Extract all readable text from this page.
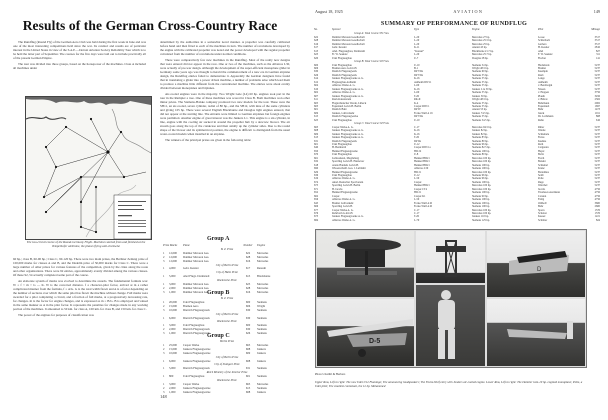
Results of the German Cross-Country Race

The Rundflug (Round Fly) of the German Aero Club was held during the first week in June and was one of the most interesting competitions held since the war. Its conduct and results are of particular interest in the United States in view of the S.A.E.—Detroit Aviation Society Reliability Tour which is to be held the latter part of September. The courses for the five days were laid out to include practically all of the present German Empire.

The tour was divided into three groups, based on the horsepower of the machines. Class A included all machines under

The two-circuit course of the Round-Germany Flight. Machines started from and finished at the Tempelhofer airdrome, the planes flying anti-clockwise

60 hp.; class B, 60-90 hp.; Class C, 90-120 hp. There were two main prizes, the Berliner Zeitung prize of 100,000 marks for classes A and B, and the Dudelin prize of 50,000 marks for Class C. There were a large number of other prizes for various features of the competition, given by the cities along the route and other organizations. There were 92 entries, approximately evenly divided among the various classes. Of these 92, 54 actually completed some part of the course.

An elaborate system of marks was evolved to determine the awards. The fundamental formula was: W = f × m × G — K. W is the corrected distance. f a character-pilot factor, arrived at in a rather complicated manner from the formula, f = A/G. G is the total width flown and A is a factor depending on the number of sections over which the same pilot has flown the machine without change. Full marks were awarded for a pilot completing a circuit, and a fraction of full marks, at a progressively decreasing rate, for changes. m is the factor for engine changes, and is expressed as m = B/G. B is employed and valued in the same manner as A in the pilot factor. K represents the penalties for changes made in any working portion of the machines. It amounted to 50 km. for class A, 100 km. for class B, and 150 km. for class C.

The power of the engines for purposes of classification was

determined by the authorities in a somewhat novel manner. A propeller was carefully calibrated before hand and then fitted to each of the machines in turn. The number of revolutions developed by the engine with the calibrated propeller was noted and the power developed with the regular propeller calculated from the number of revolutions under normal conditions.

There were comparatively few new machines in the Rundflug. Most of the really new designs that were entered did not appear in the race. One or two of the machines, such as the Albatros L30, were actually of pre-war design. Although the development of the super-efficient monoplane glider in Germany some years ago was thought to herald the commencement of a new era in German airplane design, the Rundflug entries failed to demonstrate it. Apparently the German designers have found that in translating a glider into a power driven machine, a number of problems arise which lead them to produce a machine little different from the conventional machine. The entries were about evenly divided between monoplanes and biplanes.

Air-cooled engines were in the majority. Two Wright Gale (L4) 60 hp. engines took part in the tour in the Rumpler a tree. One of these machines was scored in Class B. Both machines won other minor prizes. The Siemens-Halske company produced two new models for the tour. These were the SH11, an air-cooled, seven cylinder, radial of 80 hp., and the SH12, with nine of the same cylinders and giving 105 hp. There were several English Blackburne and Douglas light engines entered, that did not appear at the starting line. The entrants were limited to German airplanes but foreign engines were permitted. Another engine of great interest was the Junkers L1. This engine is a six-cylinder, in line, engine with the cooling air sucked in around the propeller hub by a airscrew blower. The air stream goes along the top of the crankcase and then axially up the cylinder sides. Due to the round shape of the blower and its symmetrical position, the engine is difficult to distinguish from the usual water-cooled models when installed in an airplane.

The winners of the principal prizes are given in the following table:

Group A
Prize Marks	Plane	Number	Engine
B. Z. Prize
1	12,000	Daimler Motoren Ges.	622	Mercedes
2	12,000	Daimler Motoren Ges.	628	Mercedes
3	12,000	Daimler Motoren Ges.	616	Mercedes
City of Berlin Prize
1	4,000	Gebr. Kessler	617	Renault
City of Halle Prize
1	5,000	Abel Flugz. Darmstadt	613	Blackburne
Rheinische Prize
1	3,000	Daimler Motoren Ges.	623	Mercedes
2	2,000	Daimler Motoren Ges.	628	Mercedes
3	1,000	Daimler Motoren Ges.	616	Mercedes
Group B
B. Z. Prize
1	20,000	Udet Flugzeugbau	600	Siemens
2	15,000	Bremen Aero	606	Wright
3	10,000	Dietrich Flugzeugwerk	630	Siemens
City of Berlin Prize
1	6,000	Dietrich Flugzeugwerk	630	Siemens
Rheinische Prize
1	3,000	Udet Flugzeugbau	600	Siemens
2	2,000	Dietrich Flugzeugwerk	630	Siemens
3	1,000	Dietrich Flugzeugwerk	626	Siemens
Group C
Berlin Prize
1	25,000	Caspar Werke	663	Mercedes
2	15,000	Junkers Flugzeugwerke	608	Junkers
3	10,000	Junkers Flugzeugwerke	609	Junkers
City of Berlin Prize
1	6,000	Junkers Flugzeugwerke	608	Junkers
City of Stuttgart Prize
1	5,000	Dietrich Flugzeugwerk	631	Siemens
Reich Ministry of the Interior Prize
1	800	Udet Flugzeugbau	601	Siemens
Rheinische Prize
1	3,000	Caspar Werke	663	Mercedes
2	2,000	Junkers Flugzeugwerke	613	Siemens
3	1,000	Junkers Flugzeugwerke	608	Junkers
148
August 18, 1925	AVIATION	149
SUMMARY OF PERFORMANCE OF RUNDFLUG
No.	Sponsor	Type	Engine	Pilot	Mileage
Group A: Total Course 3317 km.
622	Daimler Motoren Gesellschaft	L-20	Mercedes 27 hp.	Loose	3317
628	Daimler Motoren Gesellschaft	L-20	Mercedes 25.5 hp.	Schlerbach	3317
616	Daimler Motoren Gesellschaft	L-20	Mercedes 25 hp.	Garbers	3317
617	Gebr. Kessler	K-11	Anzani 45 hp.	H. Kessler	2816
613	Abel. Flugzeugbau, Darmstadt	"Konsul"	Blackburne 21.7 hp.	Abel	827
623	Fr. W. Seekatz	L-20	Mercedes 25.7 hp.	F. W. Seekatz	311
620	Udet Flugzeugbau	U-7	Douglas 28 hp.	Fischer	141
Group B: Total Course 5237 km.
600	Udet Flugzeugbau	U-10	Siemens 54 hp.	Hackmack	5237
606	Bremen Aero G.m.b.H.	B-1	Wright 48.5 hp.	Bremer	5237
630	Dietrich Flugzeugwerk	DP VIIa	Siemens 60 hp.	Kaempfe	5237
626	Dietrich Flugzeugwerk	DP VIIa	Siemens 55 hp.	Raab	5237
614	Junkers Flugzeugwerke A. G.	K-16	Siemens 55 hp.	Lange	5237
612	Flugzeugbau Aufheim	Aufheim DW11	Siemens 55 hp.	Aufheim	5237
604	Albatros Werke A. G.	L-60	Siemens 55 hp.	v. Bentivegni	5237
610	Junkers Flugzeugwerke A. G.	K-16	Junkers L1a 50 hp.	Nissen	5237
602	Albatros Werke A. G.	L-60	Siemens 55 hp.	v. Hoppen	3756
607	Junkers Flugzeugwerke A. G.	T-26	Junkers 50 hp.	Plauth	3456
611	Raab-Katzenstein	RK-II	Wright 48.5 hp.	v. Bülow	2302
605	Flugtechnischer Verein, Lübeck	K-4	Siemens 55 hp.	Behrmann	2002
603	Espenlaub G.m.b.H. Berlin	Caspar RWC1	Siemens 55 hp.	Espenlaub	1697
601	Dietrich Bahr	DP IV	Anzani 55 hp.	Bahr	1473
609	Junkers, Luftverkehr	Focke-Wulf A 16	Junkers 74.5 hp.	Junck	1011
615	Dietrich Flugzeugwerke	DP VIIa	Siemens 55 hp.	Dr. Lachmann	808
625	Udet Flugzeugbau	U-10	Siemens 54.5 hp.	Rehn	616
Group C: Total Course 5237 km.
663	Caspar Werke A. G.	C-17	Mercedes 94.5 hp.	Ritter	5237
608	Junkers Flugzeugwerke A. G.	K-16	Junkers 82 hp.	Wende	5237
609	Junkers Flugzeugwerke A. G.	K-16	Junkers 82 hp.	Schnabele	5237
613	Junkers Flugzeugwerke A. G.	T-26	Siemens 83 hp.	Freiss	5237
631	Dietrich Flugzeugwerk	DP IIa	Siemens 80 hp.	Kaehne	5237
601	Udet Flugzeugbau	U-12	Siemens 96 hp.	Roth	5237
640	H. Bernhardt	Caspar RWC1a	Siemens 82.5 hp.	Carganico	5237
650	Heinkel Flugzeugwerke	HD 22	Siemens 100 hp.	Heyer	5237
670	Udet Flugzeugbau	U-8	Siemens 80 hp.	Boltz	5237
661	Luftreederei, Magdeburg	Heinkel HD21	Mercedes 100 hp.	Furch	5237
632	Sportflug G.m.b.H. Hannover	Heinkel HD21	Mercedes 100 hp.	Bender	5237
618	Arado Handels G.m.b.H.	Heinkel HD21	Siemens 100 hp.	Schnabel	5237
690	Wissenschaftl. Ges. f. Luftfahrt	Albatros L59	Siemens 100 hp.	Kranz	5237
629	Heinkel Flugzeugwerke	HD 21	Mercedes 100 hp.	Bartelmes	5237
636	Udet Flugzeugbau	U-12	Siemens 96 hp.	Seldt	5237
619	Albatros Werke A. G.	L-59	Siemens 96 hp.	Polte	5237
674	Akad. Deutscher Sportverein	Caspar	Siemens 100 hp.	Ruge	5237
675	Sportflug G.m.b.H. Berlin	Heinkel HD21	Mercedes 100 hp.	Wenchel	5237
671	H. Jacobs	Caspar CT4	Mercedes 100 hp.	Jacobs	4756
652	Heinkel Flugzeugwerke	HD 21	Siemens 100 hp.	Thomas-Lenormann	4756
662	Caspar	Caspar K1	Siemens 90 hp.	Carsten	4756
656	Albatros Werke A. G.	L-59	Siemens 100 hp.	Fabig	4756
645	Bremer Luftverkehr	Focke-Wulf A16	Siemens 100 hp.	Oldhoff	3600
666	Sportflug G.m.b.H.	Focke-Wulf A16	Siemens 100 hp.	Behr	2600
677	Caspar Werke A. G.	C-17	Mercedes 100 hp.	Sporn	1576
676	Rohrbach G.m.b.H.	C-17	Mercedes 100 hp.	Schober	1576
673	Junkers Flugzeugwerke A. G.	T-26	Junkers 110 hp.	Kaeser	1221
684	Albatros Werke A. G.	L-70	Siemens 125 hp.	Schröter	824
D
D-5
Photo's Kathil & Herbers
Upper Row, Left to right: The new Udet U12 Flamingo; The announcing loudspeakers; The Focke-Wulf entry with Junkers air-cooled engine. Lower Row, Left to right: The Daimler twin-19 hp. engined monoplane; Polte, a Udet pilot; The smallest contestant, the 12 hp. Mohammed
